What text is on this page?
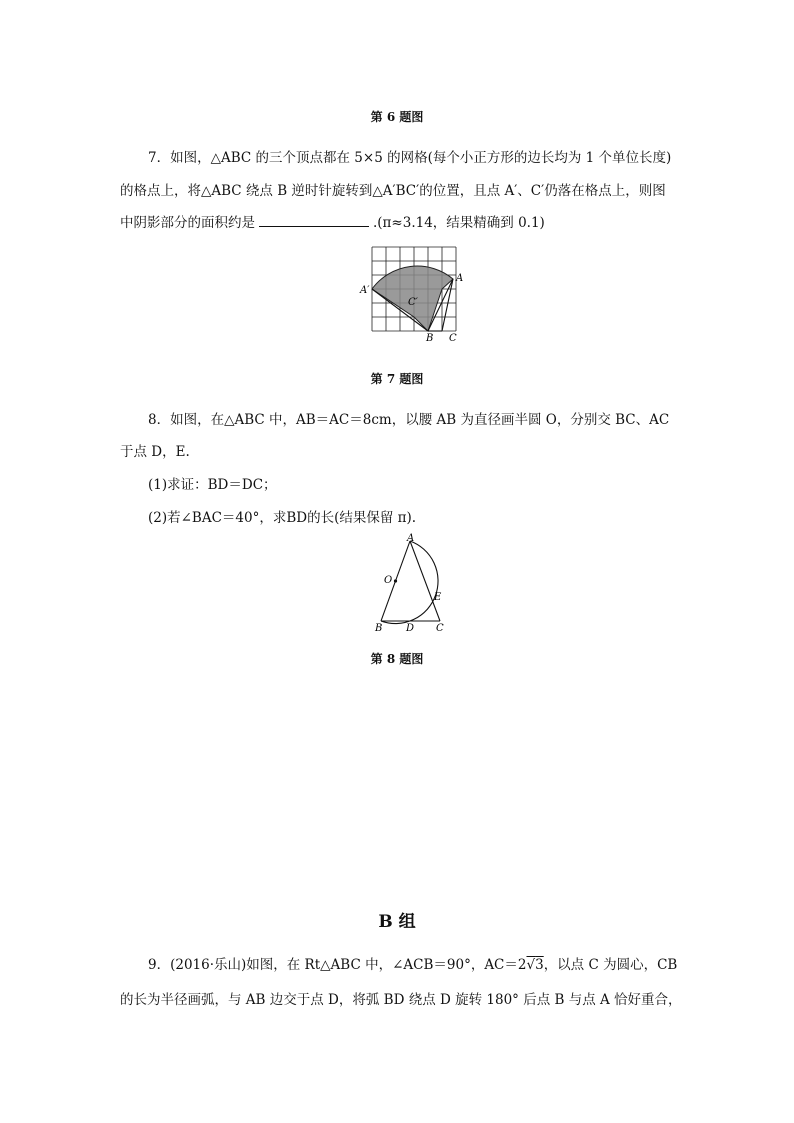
第 6 题图
7．如图，△ABC 的三个顶点都在 5×5 的网格(每个小正方形的边长均为 1 个单位长度)
的格点上，将△ABC 绕点 B 逆时针旋转到△A′BC′的位置，且点 A′、C′仍落在格点上，则图
中阴影部分的面积约是	.(π≈3.14，结果精确到 0.1)
A
A′
C′
B C
第 7 题图
8．如图，在△ABC 中，AB＝AC＝8cm，以腰 AB 为直径画半圆 O，分别交 BC、AC
于点 D，E.
(1)求证：BD＝DC；
(2)若∠BAC＝40°，求BD的长(结果保留 π).
A
O
E
B D C
第 8 题图
B 组
9．(2016·乐山)如图，在 Rt△ABC 中，∠ACB＝90°，AC＝2√3，以点 C 为圆心，CB
的长为半径画弧，与 AB 边交于点 D，将弧 BD 绕点 D 旋转 180° 后点 B 与点 A 恰好重合，
